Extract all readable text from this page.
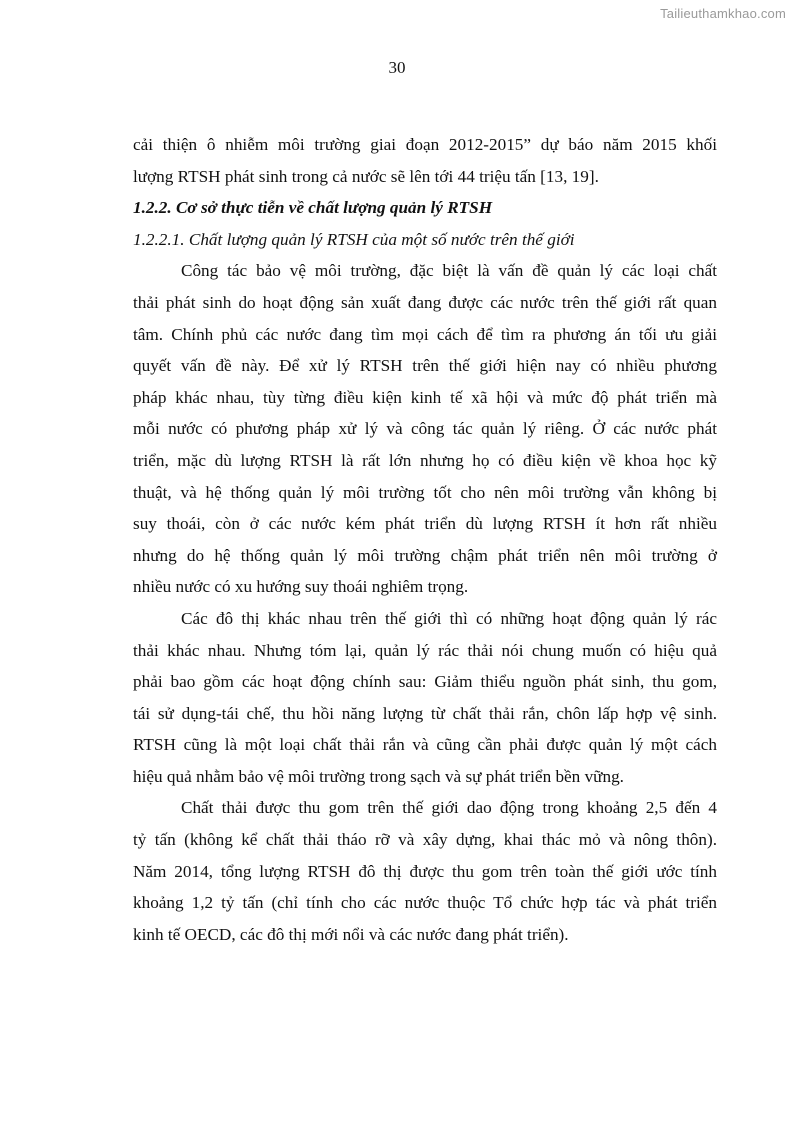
Tailieuthamkhao.com
30
cải thiện ô nhiễm môi trường giai đoạn 2012-2015” dự báo năm 2015 khối
lượng RTSH phát sinh trong cả nước sẽ lên tới 44 triệu tấn [13, 19].
1.2.2. Cơ sở thực tiễn về chất lượng quản lý RTSH
1.2.2.1. Chất lượng quản lý RTSH của một số nước trên thế giới
Công tác bảo vệ môi trường, đặc biệt là vấn đề quản lý các loại chất
thải phát sinh do hoạt động sản xuất đang được các nước trên thế giới rất quan
tâm. Chính phủ các nước đang tìm mọi cách để tìm ra phương án tối ưu giải
quyết vấn đề này. Để xử lý RTSH trên thế giới hiện nay có nhiều phương
pháp khác nhau, tùy từng điều kiện kinh tế xã hội và mức độ phát triển mà
mỗi nước có phương pháp xử lý và công tác quản lý riêng. Ở các nước phát
triển, mặc dù lượng RTSH là rất lớn nhưng họ có điều kiện về khoa học kỹ
thuật, và hệ thống quản lý môi trường tốt cho nên môi trường vẫn không bị
suy thoái, còn ở các nước kém phát triển dù lượng RTSH ít hơn rất nhiều
nhưng do hệ thống quản lý môi trường chậm phát triển nên môi trường ở
nhiều nước có xu hướng suy thoái nghiêm trọng.
Các đô thị khác nhau trên thế giới thì có những hoạt động quản lý rác
thải khác nhau. Nhưng tóm lại, quản lý rác thải nói chung muốn có hiệu quả
phải bao gồm các hoạt động chính sau: Giảm thiểu nguồn phát sinh, thu gom,
tái sử dụng-tái chế, thu hồi năng lượng từ chất thải rắn, chôn lấp hợp vệ sinh.
RTSH cũng là một loại chất thải rắn và cũng cần phải được quản lý một cách
hiệu quả nhằm bảo vệ môi trường trong sạch và sự phát triển bền vững.
Chất thải được thu gom trên thế giới dao động trong khoảng 2,5 đến 4
tỷ tấn (không kể chất thải tháo rỡ và xây dựng, khai thác mỏ và nông thôn).
Năm 2014, tổng lượng RTSH đô thị được thu gom trên toàn thế giới ước tính
khoảng 1,2 tỷ tấn (chỉ tính cho các nước thuộc Tổ chức hợp tác và phát triển
kinh tế OECD, các đô thị mới nổi và các nước đang phát triển).
